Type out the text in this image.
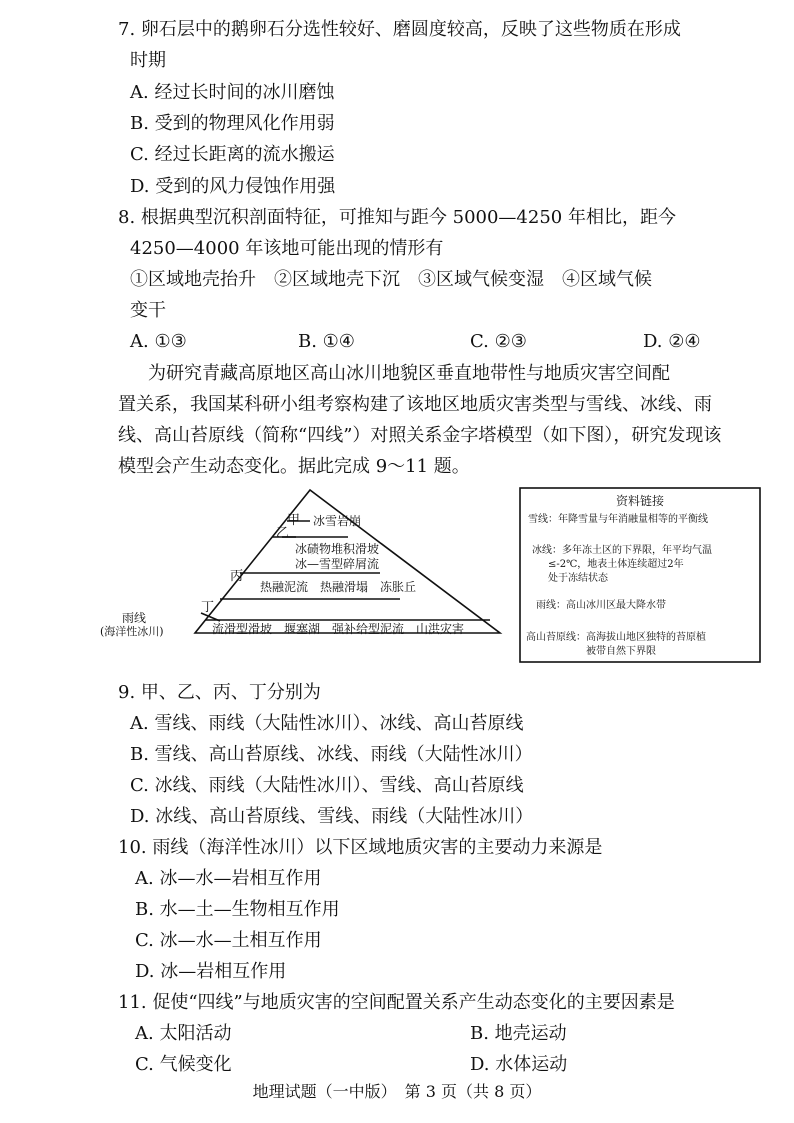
7. 卵石层中的鹅卵石分选性较好、磨圆度较高，反映了这些物质在形成
时期
A. 经过长时间的冰川磨蚀
B. 受到的物理风化作用弱
C. 经过长距离的流水搬运
D. 受到的风力侵蚀作用强
8. 根据典型沉积剖面特征，可推知与距今 5000—4250 年相比，距今
4250—4000 年该地可能出现的情形有
①区域地壳抬升　②区域地壳下沉　③区域气候变湿　④区域气候
变干
A. ①③	B. ①④	C. ②③	D. ②④
为研究青藏高原地区高山冰川地貌区垂直地带性与地质灾害空间配
置关系，我国某科研小组考察构建了该地区地质灾害类型与雪线、冰线、雨
线、高山苔原线（简称“四线”）对照关系金字塔模型（如下图），研究发现该
模型会产生动态变化。据此完成 9～11 题。
冰雪岩崩
冰碛物堆积滑坡
冰—雪型碎屑流
热融泥流　热融滑塌　冻胀丘
流滑型滑坡　堰塞湖　强补给型泥流　山洪灾害
甲
乙
丙
丁
雨线
(海洋性冰川)
资料链接
雪线：年降雪量与年消融量相等的平衡线
冰线：多年冻土区的下界限，年平均气温
≤-2℃，地表土体连续超过2年
处于冻结状态
雨线：高山冰川区最大降水带
高山苔原线：高海拔山地区独特的苔原植
被带自然下界限
9. 甲、乙、丙、丁分别为
A. 雪线、雨线（大陆性冰川）、冰线、高山苔原线
B. 雪线、高山苔原线、冰线、雨线（大陆性冰川）
C. 冰线、雨线（大陆性冰川）、雪线、高山苔原线
D. 冰线、高山苔原线、雪线、雨线（大陆性冰川）
10. 雨线（海洋性冰川）以下区域地质灾害的主要动力来源是
A. 冰—水—岩相互作用
B. 水—土—生物相互作用
C. 冰—水—土相互作用
D. 冰—岩相互作用
11. 促使“四线”与地质灾害的空间配置关系产生动态变化的主要因素是
A. 太阳活动	B. 地壳运动
C. 气候变化	D. 水体运动
地理试题（一中版）　第 3 页（共 8 页）
